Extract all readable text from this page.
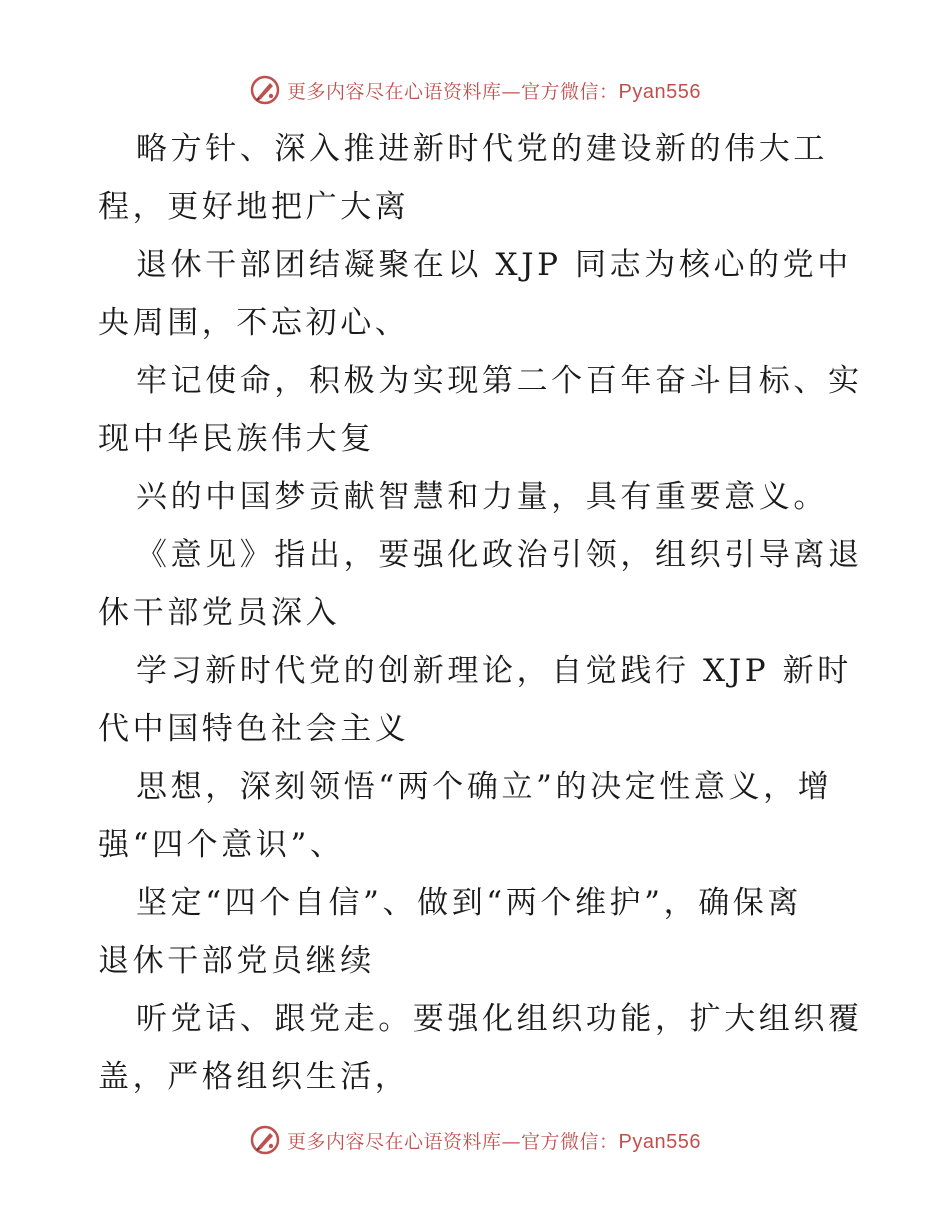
更多内容尽在心语资料库—官方微信：Pyan556
略方针、深入推进新时代党的建设新的伟大工
程，更好地把广大离
退休干部团结凝聚在以 XJP 同志为核心的党中
央周围，不忘初心、
牢记使命，积极为实现第二个百年奋斗目标、实
现中华民族伟大复
兴的中国梦贡献智慧和力量，具有重要意义。
《意见》指出，要强化政治引领，组织引导离退
休干部党员深入
学习新时代党的创新理论，自觉践行 XJP 新时
代中国特色社会主义
思想，深刻领悟“两个确立”的决定性意义，增
强“四个意识”、
坚定“四个自信”、做到“两个维护”，确保离
退休干部党员继续
听党话、跟党走。要强化组织功能，扩大组织覆
盖，严格组织生活，
更多内容尽在心语资料库—官方微信：Pyan556
